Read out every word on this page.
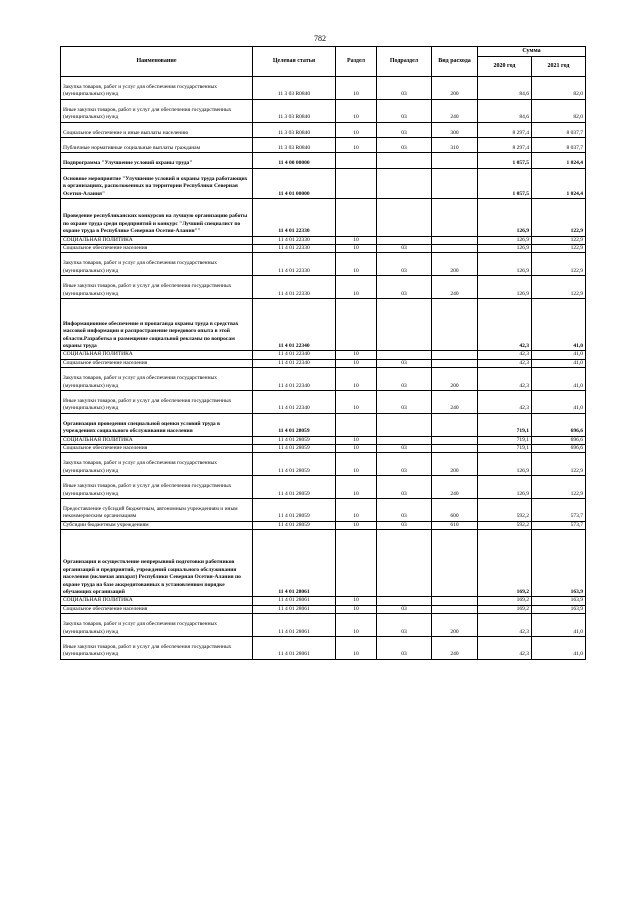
782
Наименование	Целевая статья	Раздел	Подраздел	Вид расхода	Сумма	
					2020 год	2021 год
Закупка товаров, работ и услуг для обеспечения государственных (муниципальных) нужд	11 3 03 R0840	10	03	200	84,6	82,0
Иные закупки товаров, работ и услуг для обеспечения государственных (муниципальных) нужд	11 3 03 R0840	10	03	240	84,6	82,0
Социальное обеспечение и иные выплаты населению	11 3 03 R0840	10	03	300	8 297,4	8 037,7
Публичные нормативные социальные выплаты гражданам	11 3 03 R0840	10	03	310	8 297,4	8 037,7
Подпрограмма "Улучшение условий охраны труда"	11 4 00 00000				1 057,5	1 024,4
Основное мероприятие "Улучшение условий и охраны труда работающих в организациях, расположенных на территории Республики Северная Осетия-Алания"	11 4 01 00000				1 057,5	1 024,4
Проведение республиканских конкурсов на лучшую организацию работы по охране труда среди предприятий и конкурс "Лучший специалист по охране труда в Республике Северная Осетия-Алания""	11 4 01 22330				126,9	122,9
СОЦИАЛЬНАЯ ПОЛИТИКА	11 4 01 22330	10			126,9	122,9
Социальное обеспечение населения	11 4 01 22330	10	03		126,9	122,9
Закупка товаров, работ и услуг для обеспечения государственных (муниципальных) нужд	11 4 01 22330	10	03	200	126,9	122,9
Иные закупки товаров, работ и услуг для обеспечения государственных (муниципальных) нужд	11 4 01 22330	10	03	240	126,9	122,9
Информационное обеспечение и пропаганда охраны труда в средствах массовой информации и распространение передового опыта в этой области.Разработка и размещение социальной рекламы по вопросам охраны труда	11 4 01 22340				42,3	41,0
СОЦИАЛЬНАЯ ПОЛИТИКА	11 4 01 22340	10			42,3	41,0
Социальное обеспечение населения	11 4 01 22340	10	03		42,3	41,0
Закупка товаров, работ и услуг для обеспечения государственных (муниципальных) нужд	11 4 01 22340	10	03	200	42,3	41,0
Иные закупки товаров, работ и услуг для обеспечения государственных (муниципальных) нужд	11 4 01 22340	10	03	240	42,3	41,0
Организация проведения специальной оценки условий труда в учреждениях социального обслуживания населения	11 4 01 28059				719,1	696,6
СОЦИАЛЬНАЯ ПОЛИТИКА	11 4 01 28059	10			719,1	696,6
Социальное обеспечение населения	11 4 01 28059	10	03		719,1	696,6
Закупка товаров, работ и услуг для обеспечения государственных (муниципальных) нужд	11 4 01 28059	10	03	200	126,9	122,9
Иные закупки товаров, работ и услуг для обеспечения государственных (муниципальных) нужд	11 4 01 28059	10	03	240	126,9	122,9
Предоставление субсидий бюджетным, автономным учреждениям и иным некоммерческим организациям	11 4 01 28059	10	03	600	592,2	573,7
Субсидии бюджетным учреждениям	11 4 01 28059	10	03	610	592,2	573,7
Организация и осуществление непрерывной подготовки работников организаций и предприятий, учреждений социального обслуживания населения (включая аппарат) Республики Северная Осетия-Алания по охране труда на базе аккредитованных в установленном порядке обучающих организаций	11 4 01 28061				169,2	163,9
СОЦИАЛЬНАЯ ПОЛИТИКА	11 4 01 28061	10			169,2	163,9
Социальное обеспечение населения	11 4 01 28061	10	03		169,2	163,9
Закупка товаров, работ и услуг для обеспечения государственных (муниципальных) нужд	11 4 01 28061	10	03	200	42,3	41,0
Иные закупки товаров, работ и услуг для обеспечения государственных (муниципальных) нужд	11 4 01 28061	10	03	240	42,3	41,0
